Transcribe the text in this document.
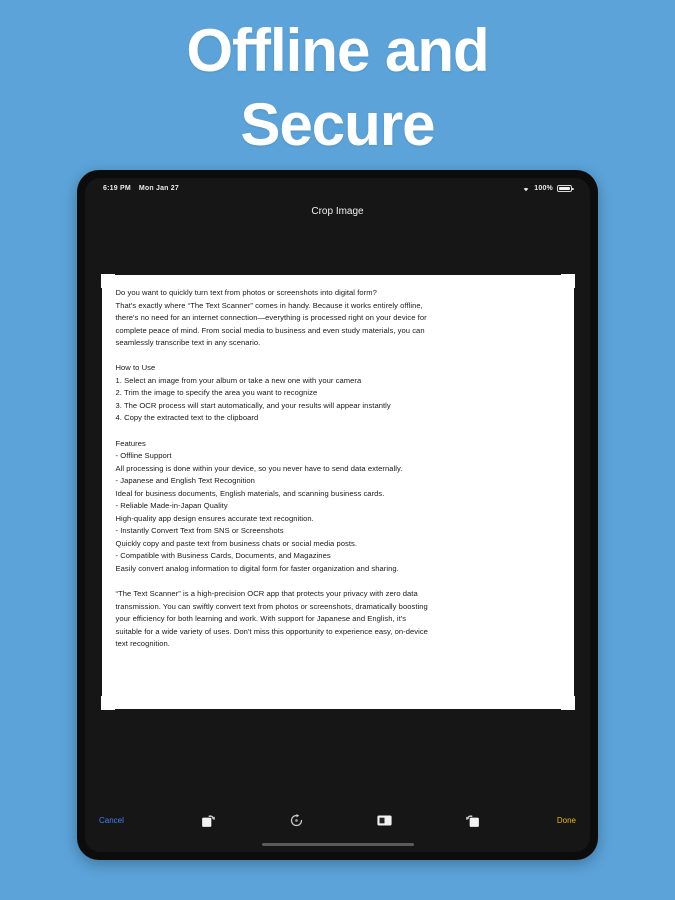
Offline and
Secure
6:19 PM Mon Jan 27	100%
Crop Image

Do you want to quickly turn text from photos or screenshots into digital form?

That's exactly where “The Text Scanner” comes in handy. Because it works entirely offline,

there's no need for an internet connection—everything is processed right on your device for

complete peace of mind. From social media to business and even study materials, you can

seamlessly transcribe text in any scenario.

How to Use

1. Select an image from your album or take a new one with your camera

2. Trim the image to specify the area you want to recognize

3. The OCR process will start automatically, and your results will appear instantly

4. Copy the extracted text to the clipboard

Features

- Offline Support

All processing is done within your device, so you never have to send data externally.

- Japanese and English Text Recognition

Ideal for business documents, English materials, and scanning business cards.

- Reliable Made-in-Japan Quality

High-quality app design ensures accurate text recognition.

- Instantly Convert Text from SNS or Screenshots

Quickly copy and paste text from business chats or social media posts.

- Compatible with Business Cards, Documents, and Magazines

Easily convert analog information to digital form for faster organization and sharing.

“The Text Scanner” is a high-precision OCR app that protects your privacy with zero data

transmission. You can swiftly convert text from photos or screenshots, dramatically boosting

your efficiency for both learning and work. With support for Japanese and English, it's

suitable for a wide variety of uses. Don't miss this opportunity to experience easy, on-device

text recognition.

Cancel	Done
